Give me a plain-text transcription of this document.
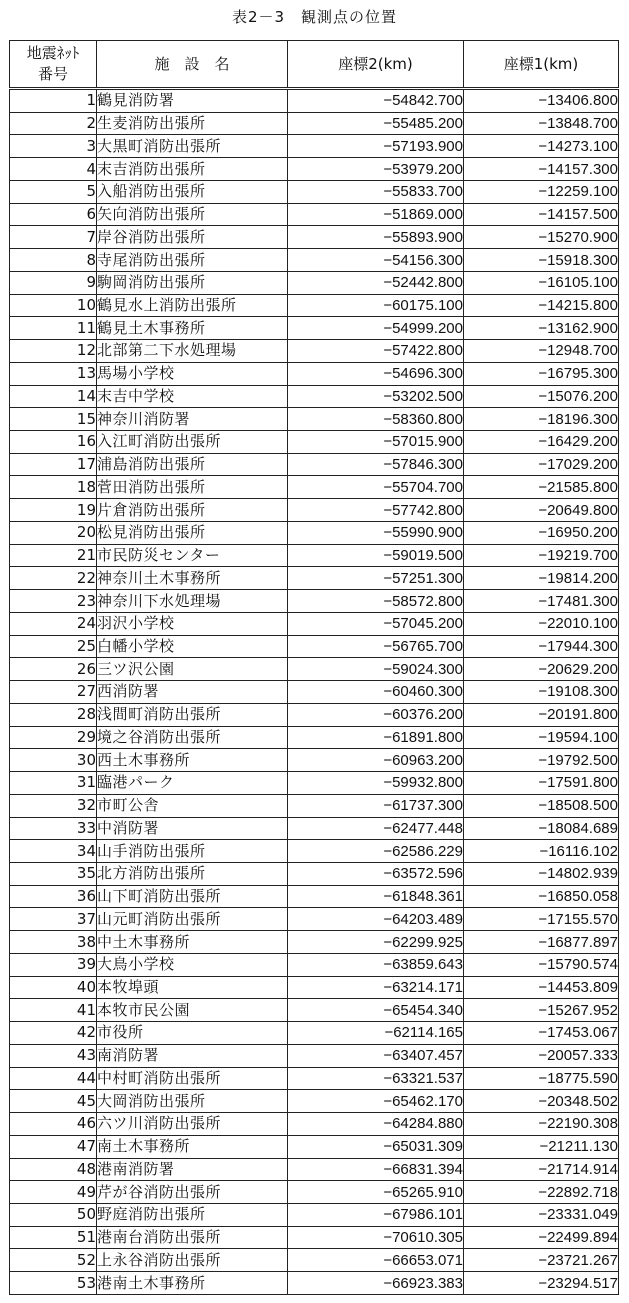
表2－3　観測点の位置
地震ﾈｯﾄ
番号	施　設　名	座標2(km)	座標1(km)
1	鶴見消防署	−54842.700	−13406.800
2	生麦消防出張所	−55485.200	−13848.700
3	大黒町消防出張所	−57193.900	−14273.100
4	末吉消防出張所	−53979.200	−14157.300
5	入船消防出張所	−55833.700	−12259.100
6	矢向消防出張所	−51869.000	−14157.500
7	岸谷消防出張所	−55893.900	−15270.900
8	寺尾消防出張所	−54156.300	−15918.300
9	駒岡消防出張所	−52442.800	−16105.100
10	鶴見水上消防出張所	−60175.100	−14215.800
11	鶴見土木事務所	−54999.200	−13162.900
12	北部第二下水処理場	−57422.800	−12948.700
13	馬場小学校	−54696.300	−16795.300
14	末吉中学校	−53202.500	−15076.200
15	神奈川消防署	−58360.800	−18196.300
16	入江町消防出張所	−57015.900	−16429.200
17	浦島消防出張所	−57846.300	−17029.200
18	菅田消防出張所	−55704.700	−21585.800
19	片倉消防出張所	−57742.800	−20649.800
20	松見消防出張所	−55990.900	−16950.200
21	市民防災センター	−59019.500	−19219.700
22	神奈川土木事務所	−57251.300	−19814.200
23	神奈川下水処理場	−58572.800	−17481.300
24	羽沢小学校	−57045.200	−22010.100
25	白幡小学校	−56765.700	−17944.300
26	三ツ沢公園	−59024.300	−20629.200
27	西消防署	−60460.300	−19108.300
28	浅間町消防出張所	−60376.200	−20191.800
29	境之谷消防出張所	−61891.800	−19594.100
30	西土木事務所	−60963.200	−19792.500
31	臨港パーク	−59932.800	−17591.800
32	市町公舎	−61737.300	−18508.500
33	中消防署	−62477.448	−18084.689
34	山手消防出張所	−62586.229	−16116.102
35	北方消防出張所	−63572.596	−14802.939
36	山下町消防出張所	−61848.361	−16850.058
37	山元町消防出張所	−64203.489	−17155.570
38	中土木事務所	−62299.925	−16877.897
39	大鳥小学校	−63859.643	−15790.574
40	本牧埠頭	−63214.171	−14453.809
41	本牧市民公園	−65454.340	−15267.952
42	市役所	−62114.165	−17453.067
43	南消防署	−63407.457	−20057.333
44	中村町消防出張所	−63321.537	−18775.590
45	大岡消防出張所	−65462.170	−20348.502
46	六ツ川消防出張所	−64284.880	−22190.308
47	南土木事務所	−65031.309	−21211.130
48	港南消防署	−66831.394	−21714.914
49	芹が谷消防出張所	−65265.910	−22892.718
50	野庭消防出張所	−67986.101	−23331.049
51	港南台消防出張所	−70610.305	−22499.894
52	上永谷消防出張所	−66653.071	−23721.267
53	港南土木事務所	−66923.383	−23294.517
